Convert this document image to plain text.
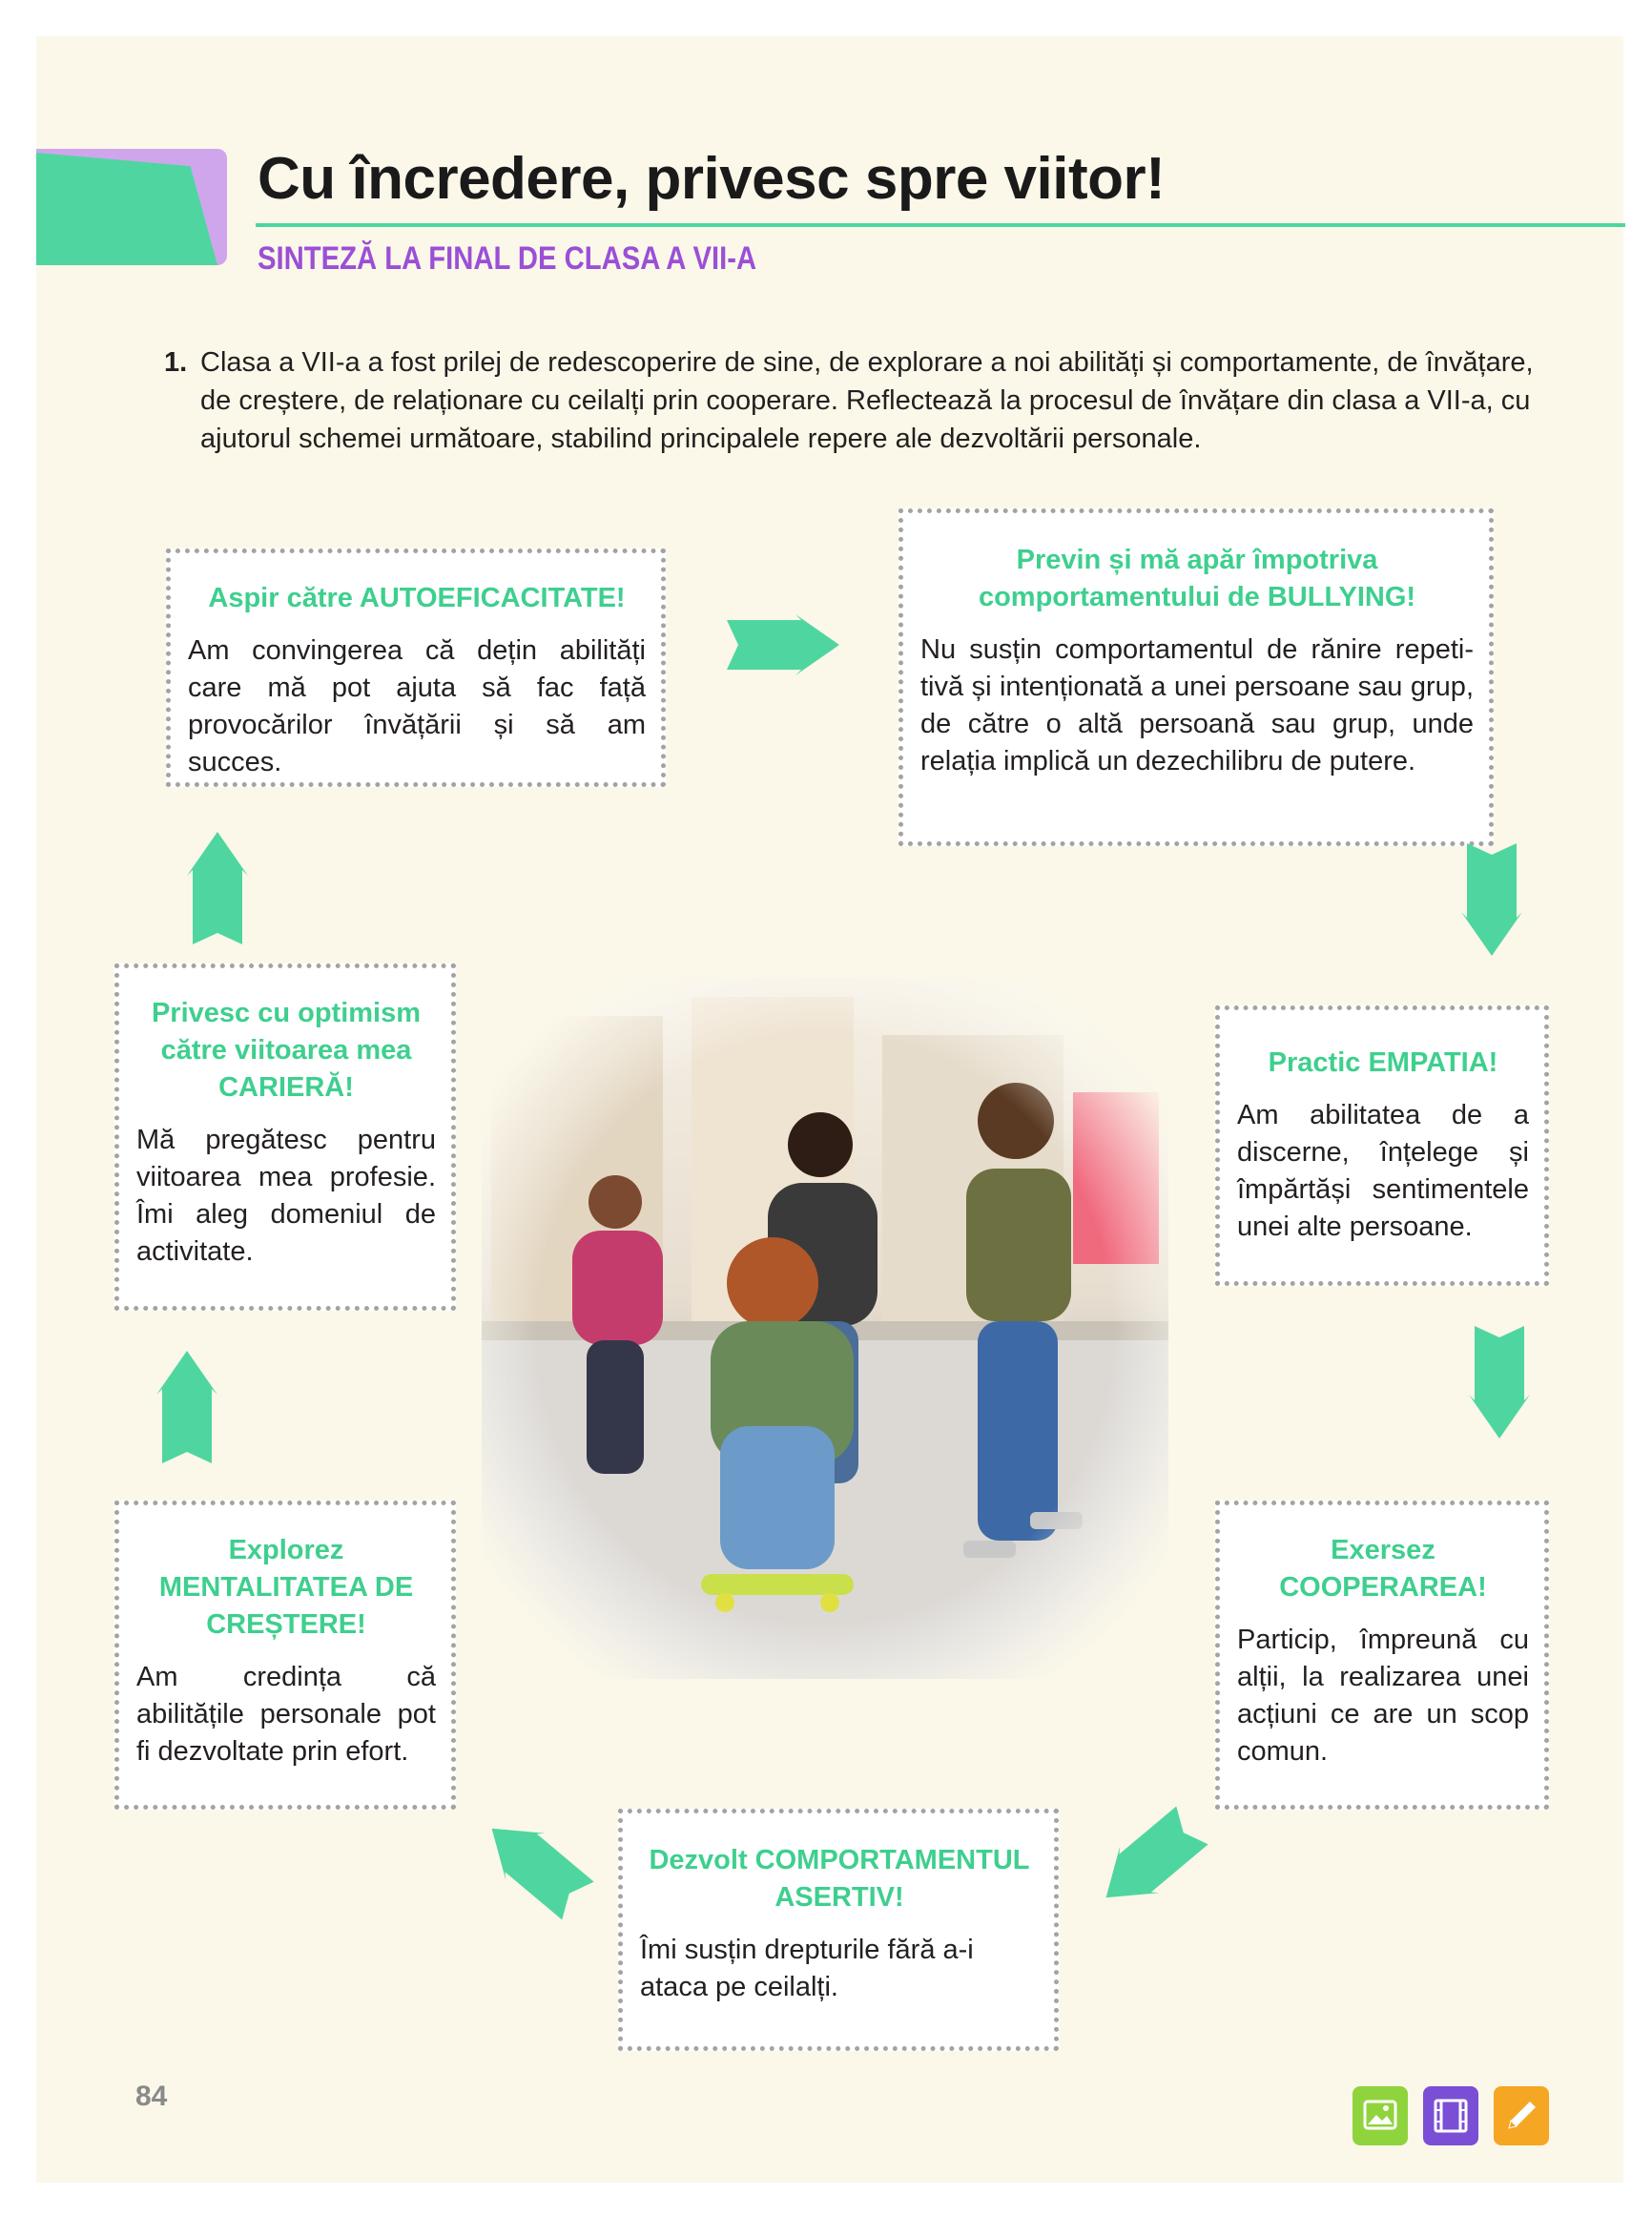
Cu încredere, privesc spre viitor!
SINTEZĂ LA FINAL DE CLASA A VII-A
1. Clasa a VII-a a fost prilej de redescoperire de sine, de explorare a noi abilități și comportamente, de învățare, de creștere, de relaționare cu ceilalți prin cooperare. Reflectează la procesul de învățare din clasa a VII-a, cu ajutorul schemei următoare, stabilind principalele repere ale dezvoltării personale.
Aspir către AUTOEFICACITATE!

Am convingerea că dețin abilități care mă pot ajuta să fac față provocărilor învățării și să am succes.

Previn și mă apăr împotriva comportamentului de BULLYING!

Nu susțin comportamentul de rănire repetitivă și intenționată a unei persoane sau grup, de către o altă persoană sau grup, unde relația implică un dezechilibru de putere.

Practic EMPATIA!

Am abilitatea de a discerne, înțelege și împărtăși sentimentele unei alte persoane.

Exersez COOPERAREA!

Particip, împreună cu alții, la realizarea unei acțiuni ce are un scop comun.

Dezvolt COMPORTAMENTUL ASERTIV!

Îmi susțin drepturile fără a-i ataca pe ceilalți.

Explorez MENTALITATEA DE CREȘTERE!

Am credința că abilitățile personale pot fi dezvoltate prin efort.

Privesc cu optimism către viitoarea mea CARIERĂ!

Mă pregătesc pentru viitoarea mea profesie. Îmi aleg domeniul de activitate.

84
